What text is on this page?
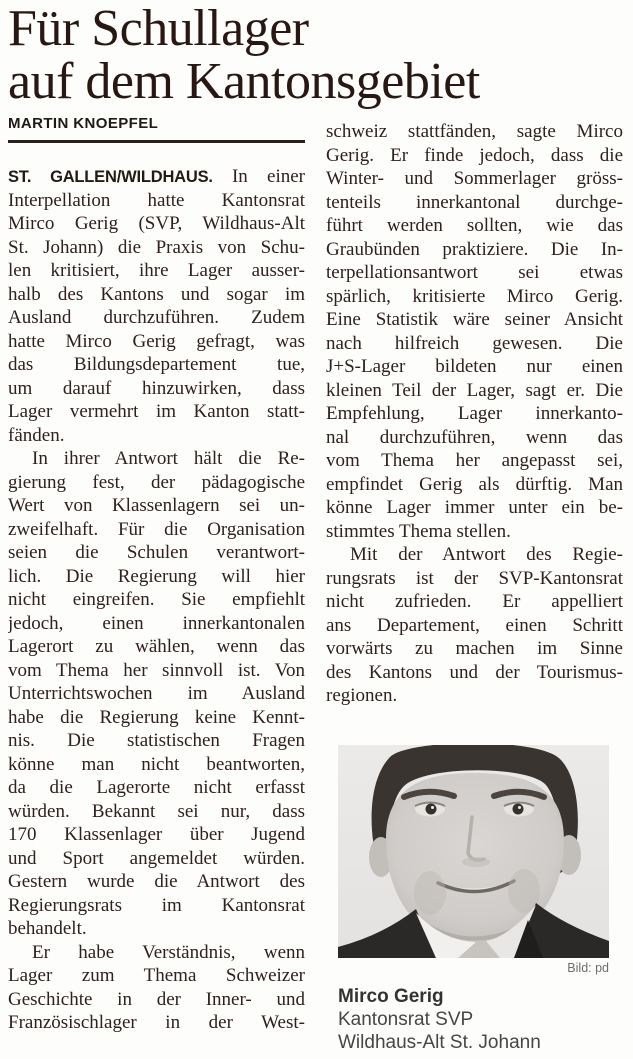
Für Schullager
auf dem Kantonsgebiet
MARTIN KNOEPFEL
ST. GALLEN/WILDHAUS. In einer
Interpellation hatte Kantonsrat
Mirco Gerig (SVP, Wildhaus-Alt
St. Johann) die Praxis von Schu-
len kritisiert, ihre Lager ausser-
halb des Kantons und sogar im
Ausland durchzuführen. Zudem
hatte Mirco Gerig gefragt, was
das Bildungsdepartement tue,
um darauf hinzuwirken, dass
Lager vermehrt im Kanton statt-
fänden.
In ihrer Antwort hält die Re-
gierung fest, der pädagogische
Wert von Klassenlagern sei un-
zweifelhaft. Für die Organisation
seien die Schulen verantwort-
lich. Die Regierung will hier
nicht eingreifen. Sie empfiehlt
jedoch, einen innerkantonalen
Lagerort zu wählen, wenn das
vom Thema her sinnvoll ist. Von
Unterrichtswochen im Ausland
habe die Regierung keine Kennt-
nis. Die statistischen Fragen
könne man nicht beantworten,
da die Lagerorte nicht erfasst
würden. Bekannt sei nur, dass
170 Klassenlager über Jugend
und Sport angemeldet würden.
Gestern wurde die Antwort des
Regierungsrats im Kantonsrat
behandelt.
Er habe Verständnis, wenn
Lager zum Thema Schweizer
Geschichte in der Inner- und
Französischlager in der West-
schweiz stattfänden, sagte Mirco
Gerig. Er finde jedoch, dass die
Winter- und Sommerlager gröss-
tenteils innerkantonal durchge-
führt werden sollten, wie das
Graubünden praktiziere. Die In-
terpellationsantwort sei etwas
spärlich, kritisierte Mirco Gerig.
Eine Statistik wäre seiner Ansicht
nach hilfreich gewesen. Die
J+S-Lager bildeten nur einen
kleinen Teil der Lager, sagt er. Die
Empfehlung, Lager innerkanto-
nal durchzuführen, wenn das
vom Thema her angepasst sei,
empfindet Gerig als dürftig. Man
könne Lager immer unter ein be-
stimmtes Thema stellen.
Mit der Antwort des Regie-
rungsrats ist der SVP-Kantonsrat
nicht zufrieden. Er appelliert
ans Departement, einen Schritt
vorwärts zu machen im Sinne
des Kantons und der Tourismus-
regionen.
Bild: pd
Mirco Gerig
Kantonsrat SVP
Wildhaus-Alt St. Johann
